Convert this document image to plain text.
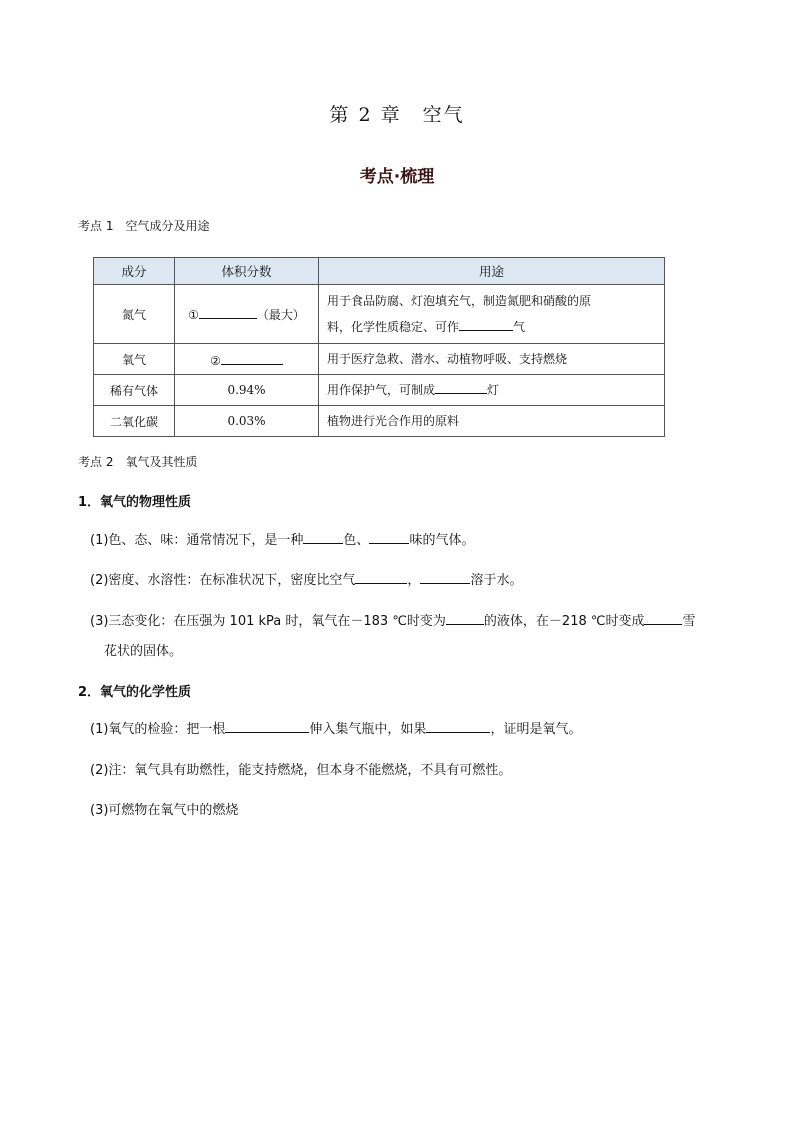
第 2 章　空气
考点·梳理
考点 1　空气成分及用途
成分	体积分数	用途
氮气	① （最大）	用于食品防腐、灯泡填充气，制造氮肥和硝酸的原
料，化学性质稳定、可作 气
氧气	②	用于医疗急救、潜水、动植物呼吸、支持燃烧
稀有气体	0.94%	用作保护气，可制成 灯
二氧化碳	0.03%	植物进行光合作用的原料
考点 2　氧气及其性质
1．氧气的物理性质
(1)色、态、味：通常情况下，是一种	色、	味的气体。
(2)密度、水溶性：在标准状况下，密度比空气	，	溶于水。
(3)三态变化：在压强为 101 kPa 时，氧气在－183 ℃时变为	的液体，在－218 ℃时变成	雪
花状的固体。
2．氧气的化学性质
(1)氧气的检验：把一根	伸入集气瓶中，如果	，证明是氧气。
(2)注：氧气具有助燃性，能支持燃烧，但本身不能燃烧，不具有可燃性。
(3)可燃物在氧气中的燃烧
